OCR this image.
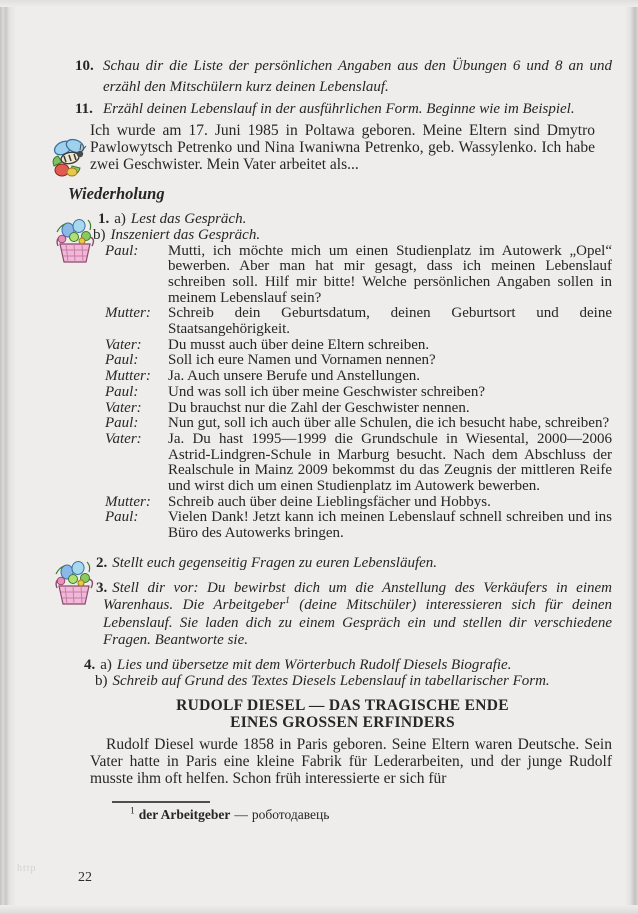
10. Schau dir die Liste der persönlichen Angaben aus den Übungen 6 und 8 an und erzähl den Mitschülern kurz deinen Lebenslauf.

11. Erzähl deinen Lebenslauf in der ausführlichen Form. Beginne wie im Beispiel.

Ich wurde am 17. Juni 1985 in Poltawa geboren. Meine Eltern sind Dmytro Pawlowytsch Petrenko und Nina Iwaniwna Petrenko, geb. Wassylenko. Ich habe zwei Geschwister. Mein Vater arbeitet als...

Wiederholung
1. a) Lest das Gespräch.
b) Inszeniert das Gespräch.
Paul:	Mutti, ich möchte mich um einen Studienplatz im Autowerk „Opel“ bewerben. Aber man hat mir gesagt, dass ich meinen Lebenslauf schreiben soll. Hilf mir bitte! Welche persönlichen Angaben sollen in meinem Lebenslauf sein?
Mutter:	Schreib dein Geburtsdatum, deinen Geburtsort und deine Staatsangehörigkeit.
Vater:	Du musst auch über deine Eltern schreiben.
Paul:	Soll ich eure Namen und Vornamen nennen?
Mutter:	Ja. Auch unsere Berufe und Anstellungen.
Paul:	Und was soll ich über meine Geschwister schreiben?
Vater:	Du brauchst nur die Zahl der Geschwister nennen.
Paul:	Nun gut, soll ich auch über alle Schulen, die ich besucht habe, schreiben?
Vater:	Ja. Du hast 1995—1999 die Grundschule in Wiesental, 2000—2006 Astrid-Lindgren-Schule in Marburg besucht. Nach dem Abschluss der Realschule in Mainz 2009 bekommst du das Zeugnis der mittleren Reife und wirst dich um einen Studienplatz im Autowerk bewerben.
Mutter:	Schreib auch über deine Lieblingsfächer und Hobbys.
Paul:	Vielen Dank! Jetzt kann ich meinen Lebenslauf schnell schreiben und ins Büro des Autowerks bringen.

2. Stellt euch gegenseitig Fragen zu euren Lebensläufen.

3. Stell dir vor: Du bewirbst dich um die Anstellung des Verkäufers in einem Warenhaus. Die Arbeitgeber$^1$ (deine Mitschüler) interessieren sich für deinen Lebenslauf. Sie laden dich zu einem Gespräch ein und stellen dir verschiedene Fragen. Beantworte sie.

4. a) Lies und übersetze mit dem Wörterbuch Rudolf Diesels Biografie.
b) Schreib auf Grund des Textes Diesels Lebenslauf in tabellarischer Form.
RUDOLF DIESEL — DAS TRAGISCHE ENDE
EINES GROSSEN ERFINDERS

Rudolf Diesel wurde 1858 in Paris geboren. Seine Eltern waren Deutsche. Sein Vater hatte in Paris eine kleine Fabrik für Lederarbeiten, und der junge Rudolf musste ihm oft helfen. Schon früh interessierte er sich für

$^1$ der Arbeitgeber — роботодавець
http
22
